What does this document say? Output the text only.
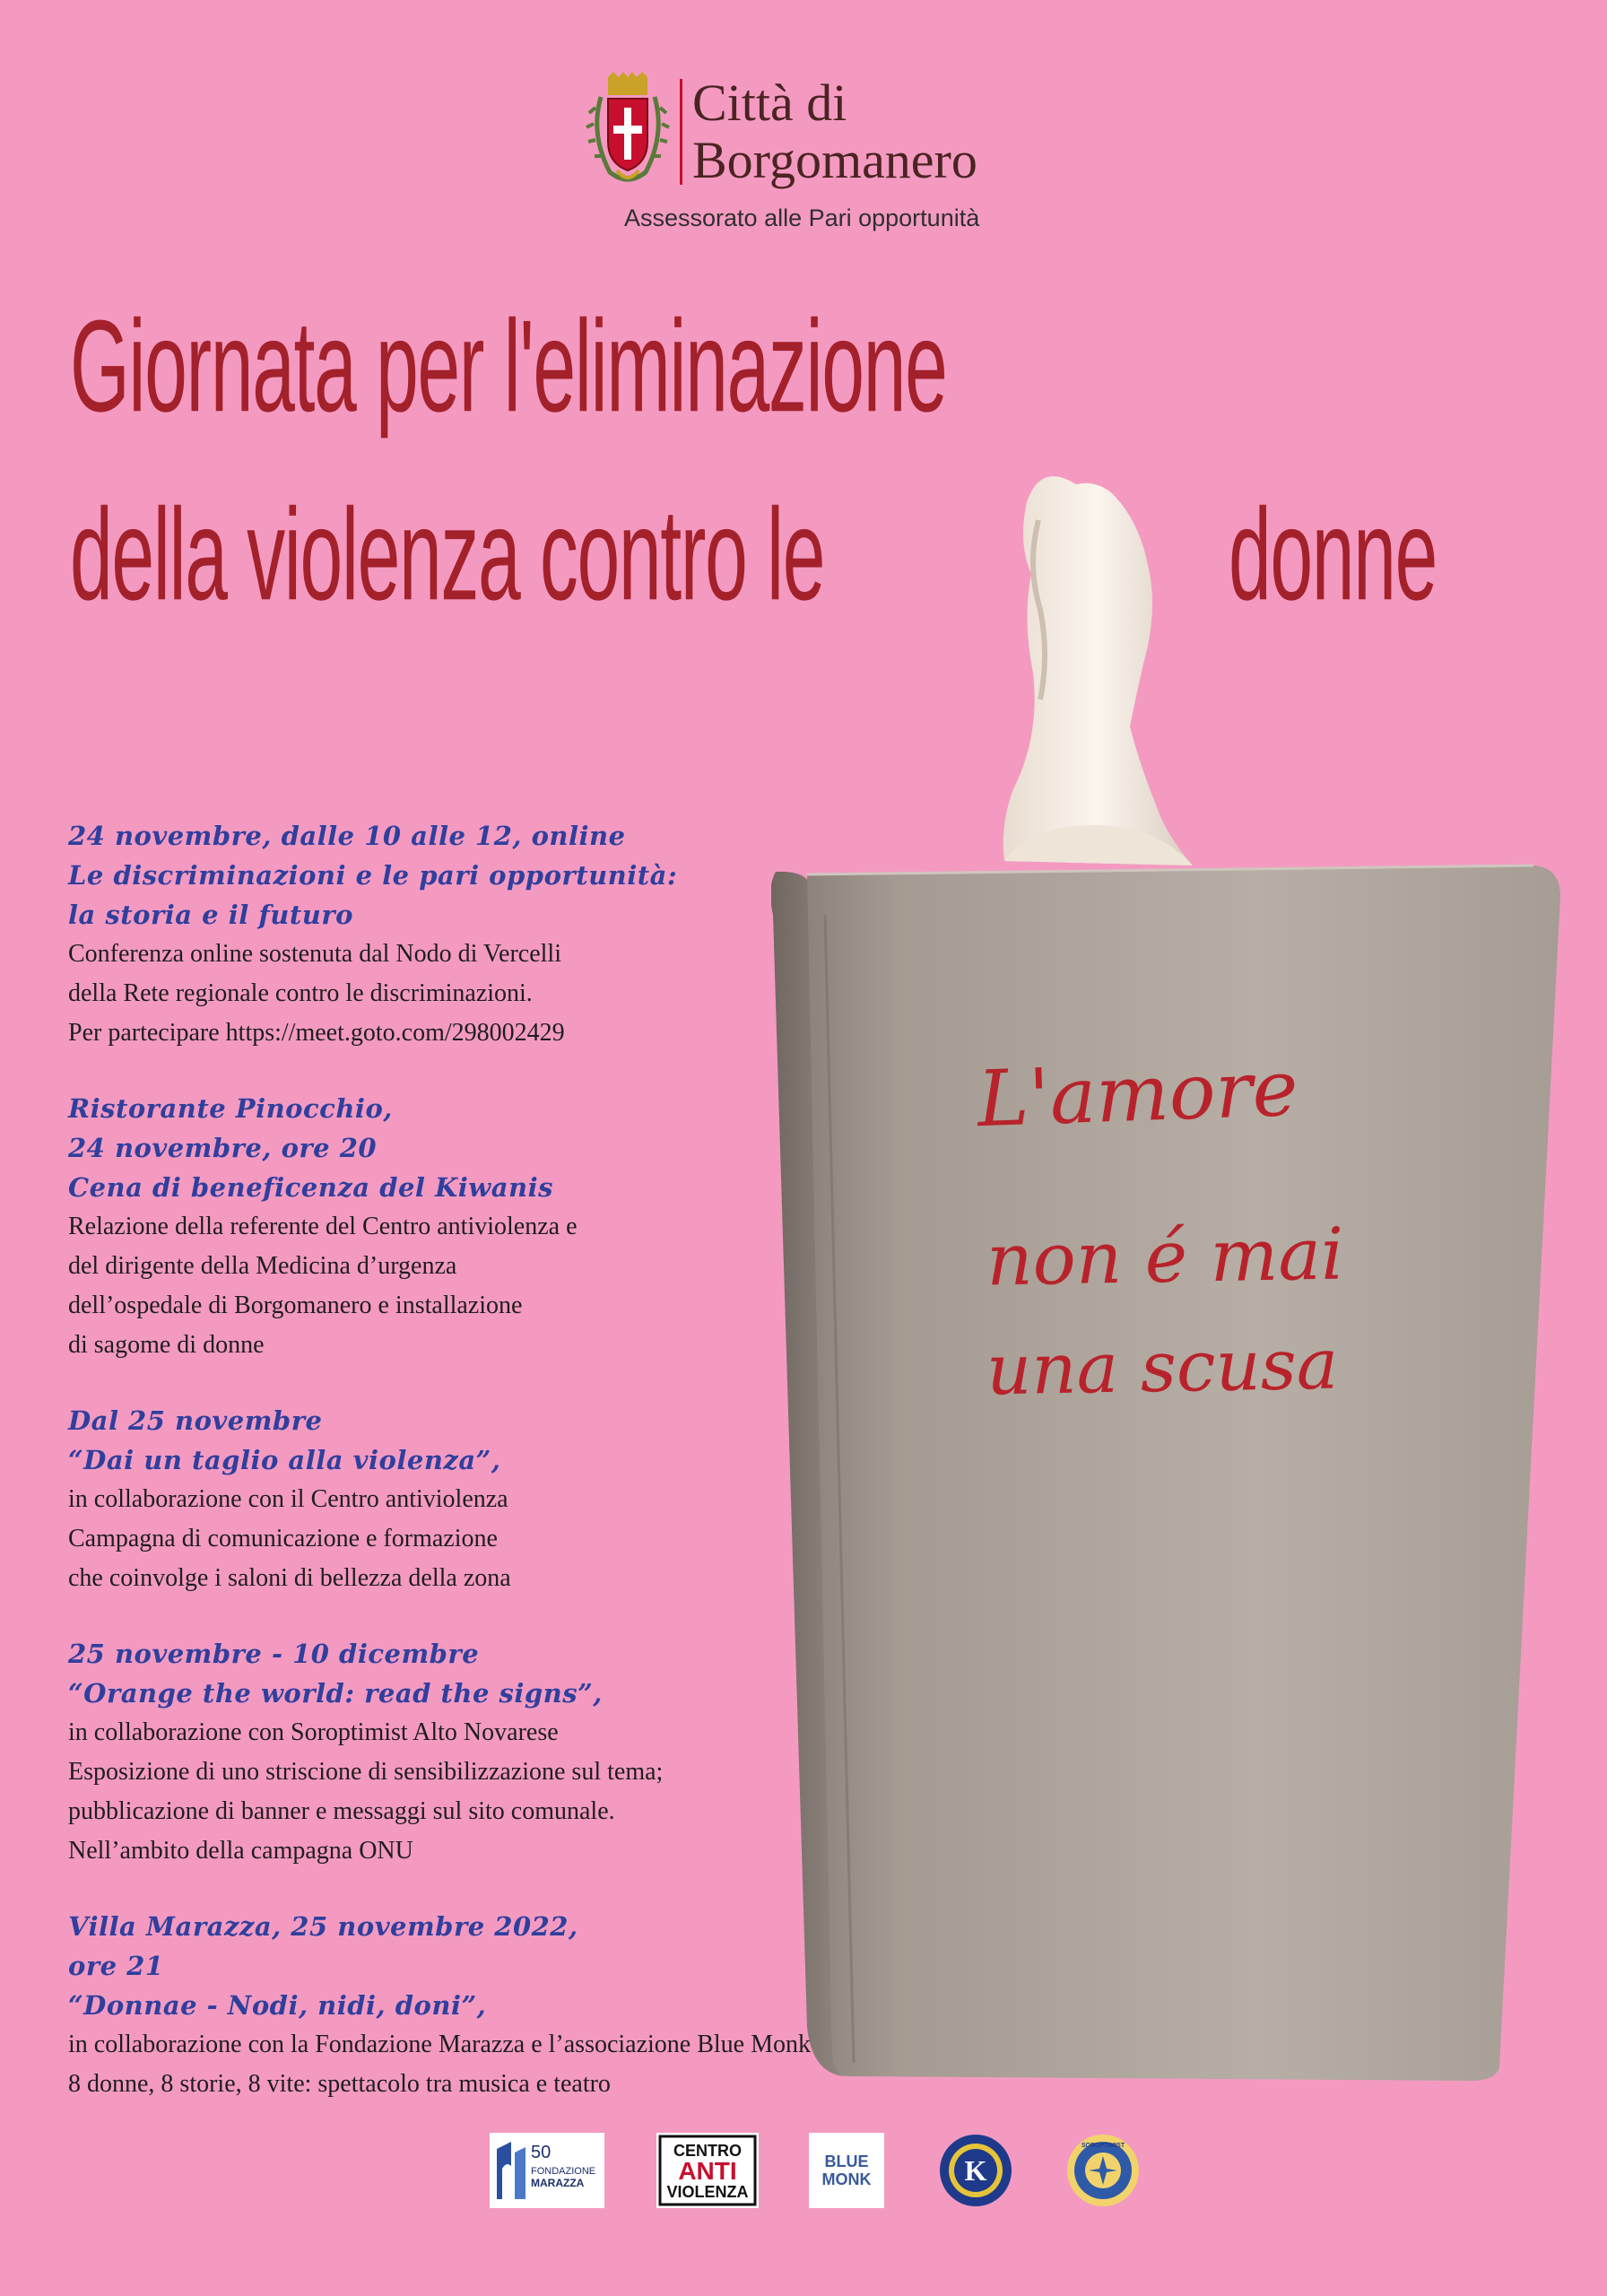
Città di
Borgomanero
Assessorato alle Pari opportunità
Giornata per l'eliminazione
della violenza contro le	donne
L'amore
non é mai
una scusa
24 novembre, dalle 10 alle 12, online
Le discriminazioni e le pari opportunità:
la storia e il futuro
Conferenza online sostenuta dal Nodo di Vercelli
della Rete regionale contro le discriminazioni.
Per partecipare https://meet.goto.com/298002429
Ristorante Pinocchio,
24 novembre, ore 20
Cena di beneficenza del Kiwanis
Relazione della referente del Centro antiviolenza e
del dirigente della Medicina d’urgenza
dell’ospedale di Borgomanero e installazione
di sagome di donne
Dal 25 novembre
“Dai un taglio alla violenza”,
in collaborazione con il Centro antiviolenza
Campagna di comunicazione e formazione
che coinvolge i saloni di bellezza della zona
25 novembre - 10 dicembre
“Orange the world: read the signs”,
in collaborazione con Soroptimist Alto Novarese
Esposizione di uno striscione di sensibilizzazione sul tema;
pubblicazione di banner e messaggi sul sito comunale.
Nell’ambito della campagna ONU
Villa Marazza, 25 novembre 2022,
ore 21
“Donnae - Nodi, nidi, doni”,
in collaborazione con la Fondazione Marazza e l’associazione Blue Monk
8 donne, 8 storie, 8 vite: spettacolo tra musica e teatro
50
FONDAZIONE
MARAZZA
CENTRO
ANTI
VIOLENZA
BLUE
MONK	K
SOROPTIMIST
